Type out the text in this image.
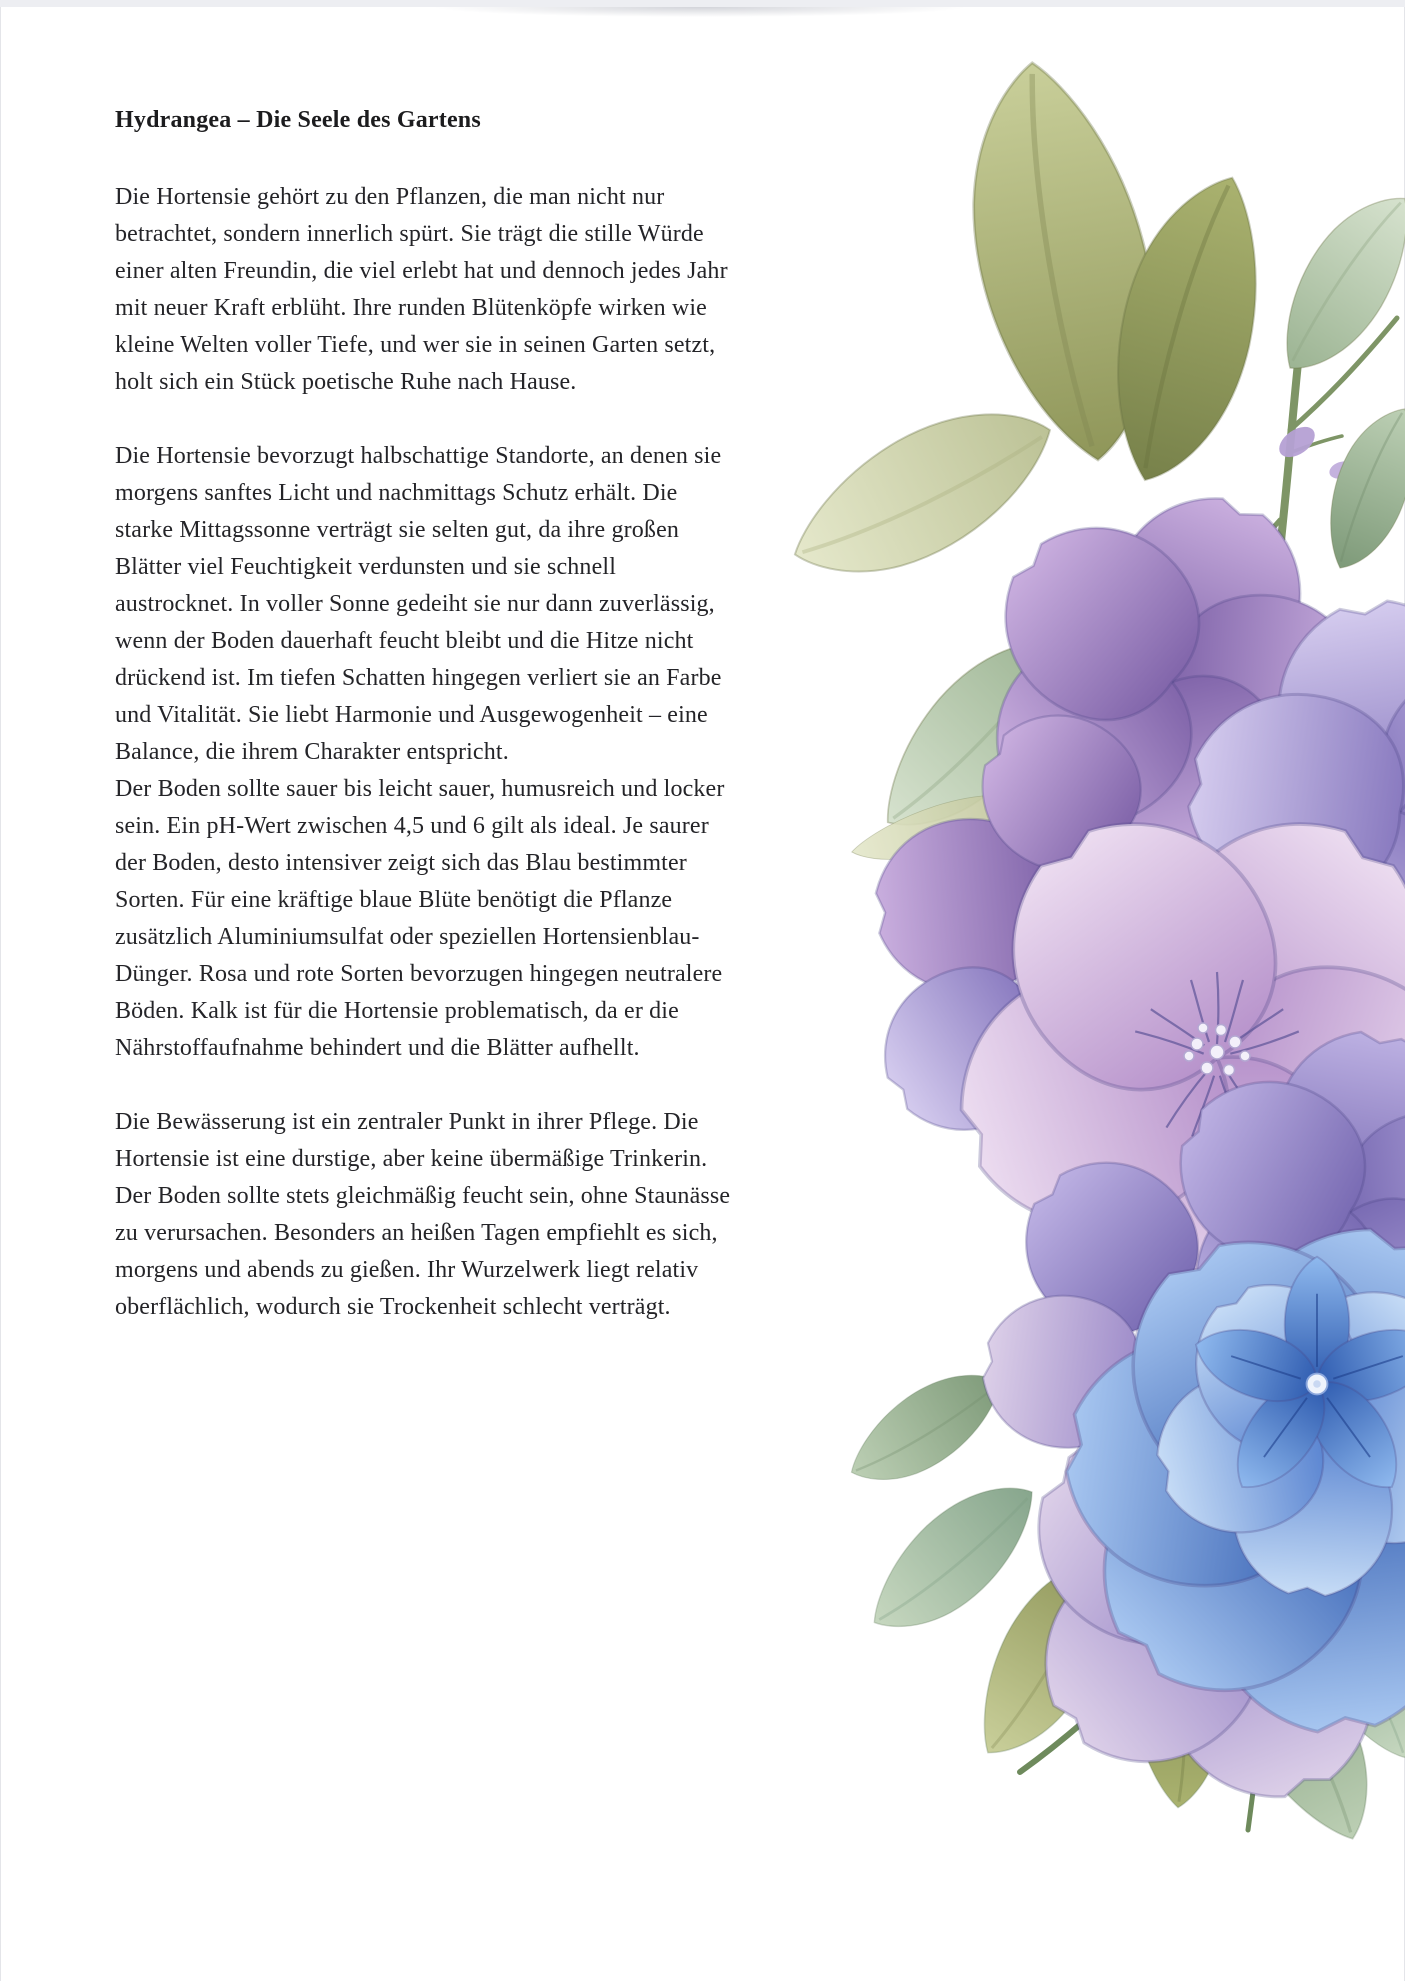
Hydrangea – Die Seele des Gartens

Die Hortensie gehört zu den Pflanzen, die man nicht nur betrachtet, sondern innerlich spürt. Sie trägt die stille Würde einer alten Freundin, die viel erlebt hat und dennoch jedes Jahr mit neuer Kraft erblüht. Ihre runden Blütenköpfe wirken wie kleine Welten voller Tiefe, und wer sie in seinen Garten setzt, holt sich ein Stück poetische Ruhe nach Hause.

Die Hortensie bevorzugt halbschattige Standorte, an denen sie morgens sanftes Licht und nachmittags Schutz erhält. Die starke Mittagssonne verträgt sie selten gut, da ihre großen Blätter viel Feuchtigkeit verdunsten und sie schnell austrocknet. In voller Sonne gedeiht sie nur dann zuverlässig, wenn der Boden dauerhaft feucht bleibt und die Hitze nicht drückend ist. Im tiefen Schatten hingegen verliert sie an Farbe und Vitalität. Sie liebt Harmonie und Ausgewogenheit – eine Balance, die ihrem Charakter entspricht.

Der Boden sollte sauer bis leicht sauer, humusreich und locker sein. Ein pH-Wert zwischen 4,5 und 6 gilt als ideal. Je saurer der Boden, desto intensiver zeigt sich das Blau bestimmter Sorten. Für eine kräftige blaue Blüte benötigt die Pflanze zusätzlich Aluminiumsulfat oder speziellen Hortensienblau-Dünger. Rosa und rote Sorten bevorzugen hingegen neutralere Böden. Kalk ist für die Hortensie problematisch, da er die Nährstoffaufnahme behindert und die Blätter aufhellt.

Die Bewässerung ist ein zentraler Punkt in ihrer Pflege. Die Hortensie ist eine durstige, aber keine übermäßige Trinkerin. Der Boden sollte stets gleichmäßig feucht sein, ohne Staunässe zu verursachen. Besonders an heißen Tagen empfiehlt es sich, morgens und abends zu gießen. Ihr Wurzelwerk liegt relativ oberflächlich, wodurch sie Trockenheit schlecht verträgt.
